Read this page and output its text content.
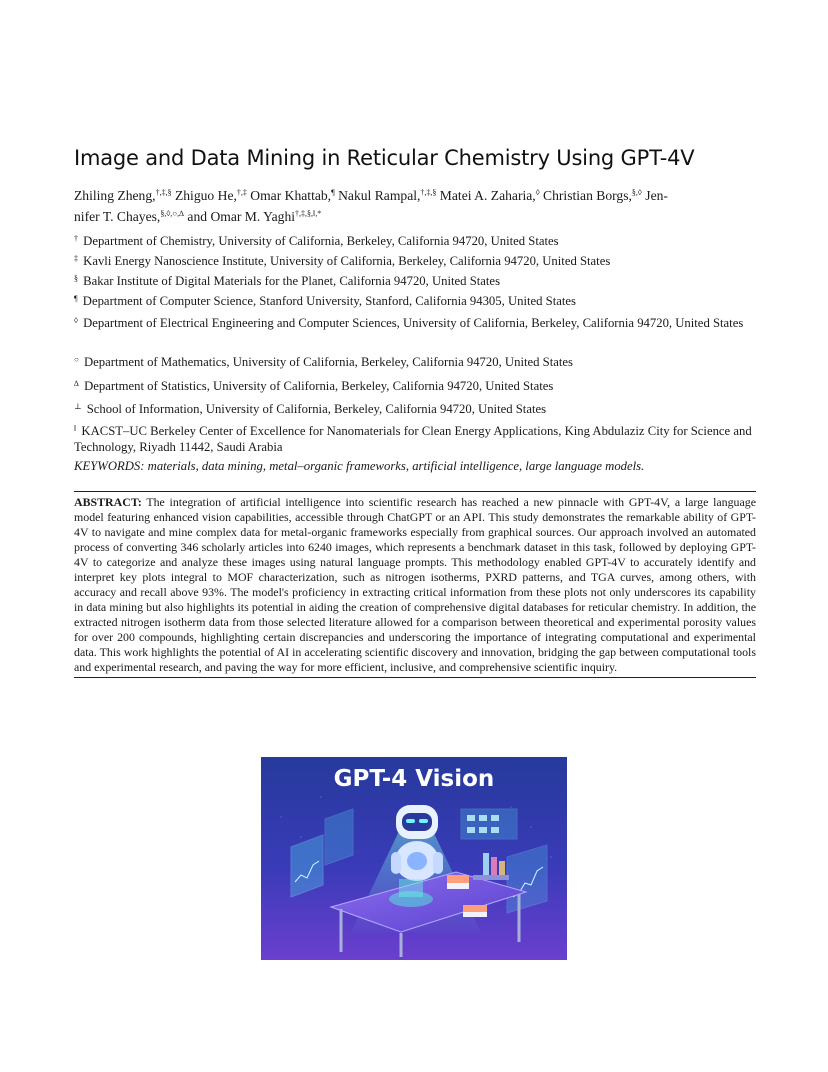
Image and Data Mining in Reticular Chemistry Using GPT-4V
Zhiling Zheng,†,‡,§ Zhiguo He,†,‡ Omar Khattab,¶ Nakul Rampal,†,‡,§ Matei A. Zaharia,◊ Christian Borgs,§,◊ Jen-
nifer T. Chayes,§,◊,○,∆ and Omar M. Yaghi$^{\dagger,\ddagger,\S,ǁ,*}$
† Department of Chemistry, University of California, Berkeley, California 94720, United States
‡ Kavli Energy Nanoscience Institute, University of California, Berkeley, California 94720, United States
§ Bakar Institute of Digital Materials for the Planet, California 94720, United States
¶ Department of Computer Science, Stanford University, Stanford, California 94305, United States
◊ Department of Electrical Engineering and Computer Sciences, University of California, Berkeley, California 94720, United States
○ Department of Mathematics, University of California, Berkeley, California 94720, United States
∆ Department of Statistics, University of California, Berkeley, California 94720, United States
⊥ School of Information, University of California, Berkeley, California 94720, United States
$^ǁ$ KACST–UC Berkeley Center of Excellence for Nanomaterials for Clean Energy Applications, King Abdulaziz City for Science and Technology, Riyadh 11442, Saudi Arabia
KEYWORDS: materials, data mining, metal–organic frameworks, artificial intelligence, large language models.
ABSTRACT: The integration of artificial intelligence into scientific research has reached a new pinnacle with GPT-4V, a large language model featuring enhanced vision capabilities, accessible through ChatGPT or an API. This study demonstrates the remarkable ability of GPT-4V to navigate and mine complex data for metal-organic frameworks especially from graphical sources. Our approach involved an automated process of converting 346 scholarly articles into 6240 images, which represents a benchmark dataset in this task, followed by deploying GPT-4V to categorize and analyze these images using natural language prompts. This methodology enabled GPT-4V to accurately identify and interpret key plots integral to MOF characterization, such as nitrogen isotherms, PXRD patterns, and TGA curves, among others, with accuracy and recall above 93%. The model's proficiency in extracting critical information from these plots not only underscores its capability in data mining but also highlights its potential in aiding the creation of comprehensive digital databases for reticular chemistry. In addition, the extracted nitrogen isotherm data from those selected literature allowed for a comparison between theoretical and experimental porosity values for over 200 compounds, highlighting certain discrepancies and underscoring the importance of integrating computational and experimental data. This work highlights the potential of AI in accelerating scientific discovery and innovation, bridging the gap between computational tools and experimental research, and paving the way for more efficient, inclusive, and comprehensive scientific inquiry.
GPT-4 Vision
